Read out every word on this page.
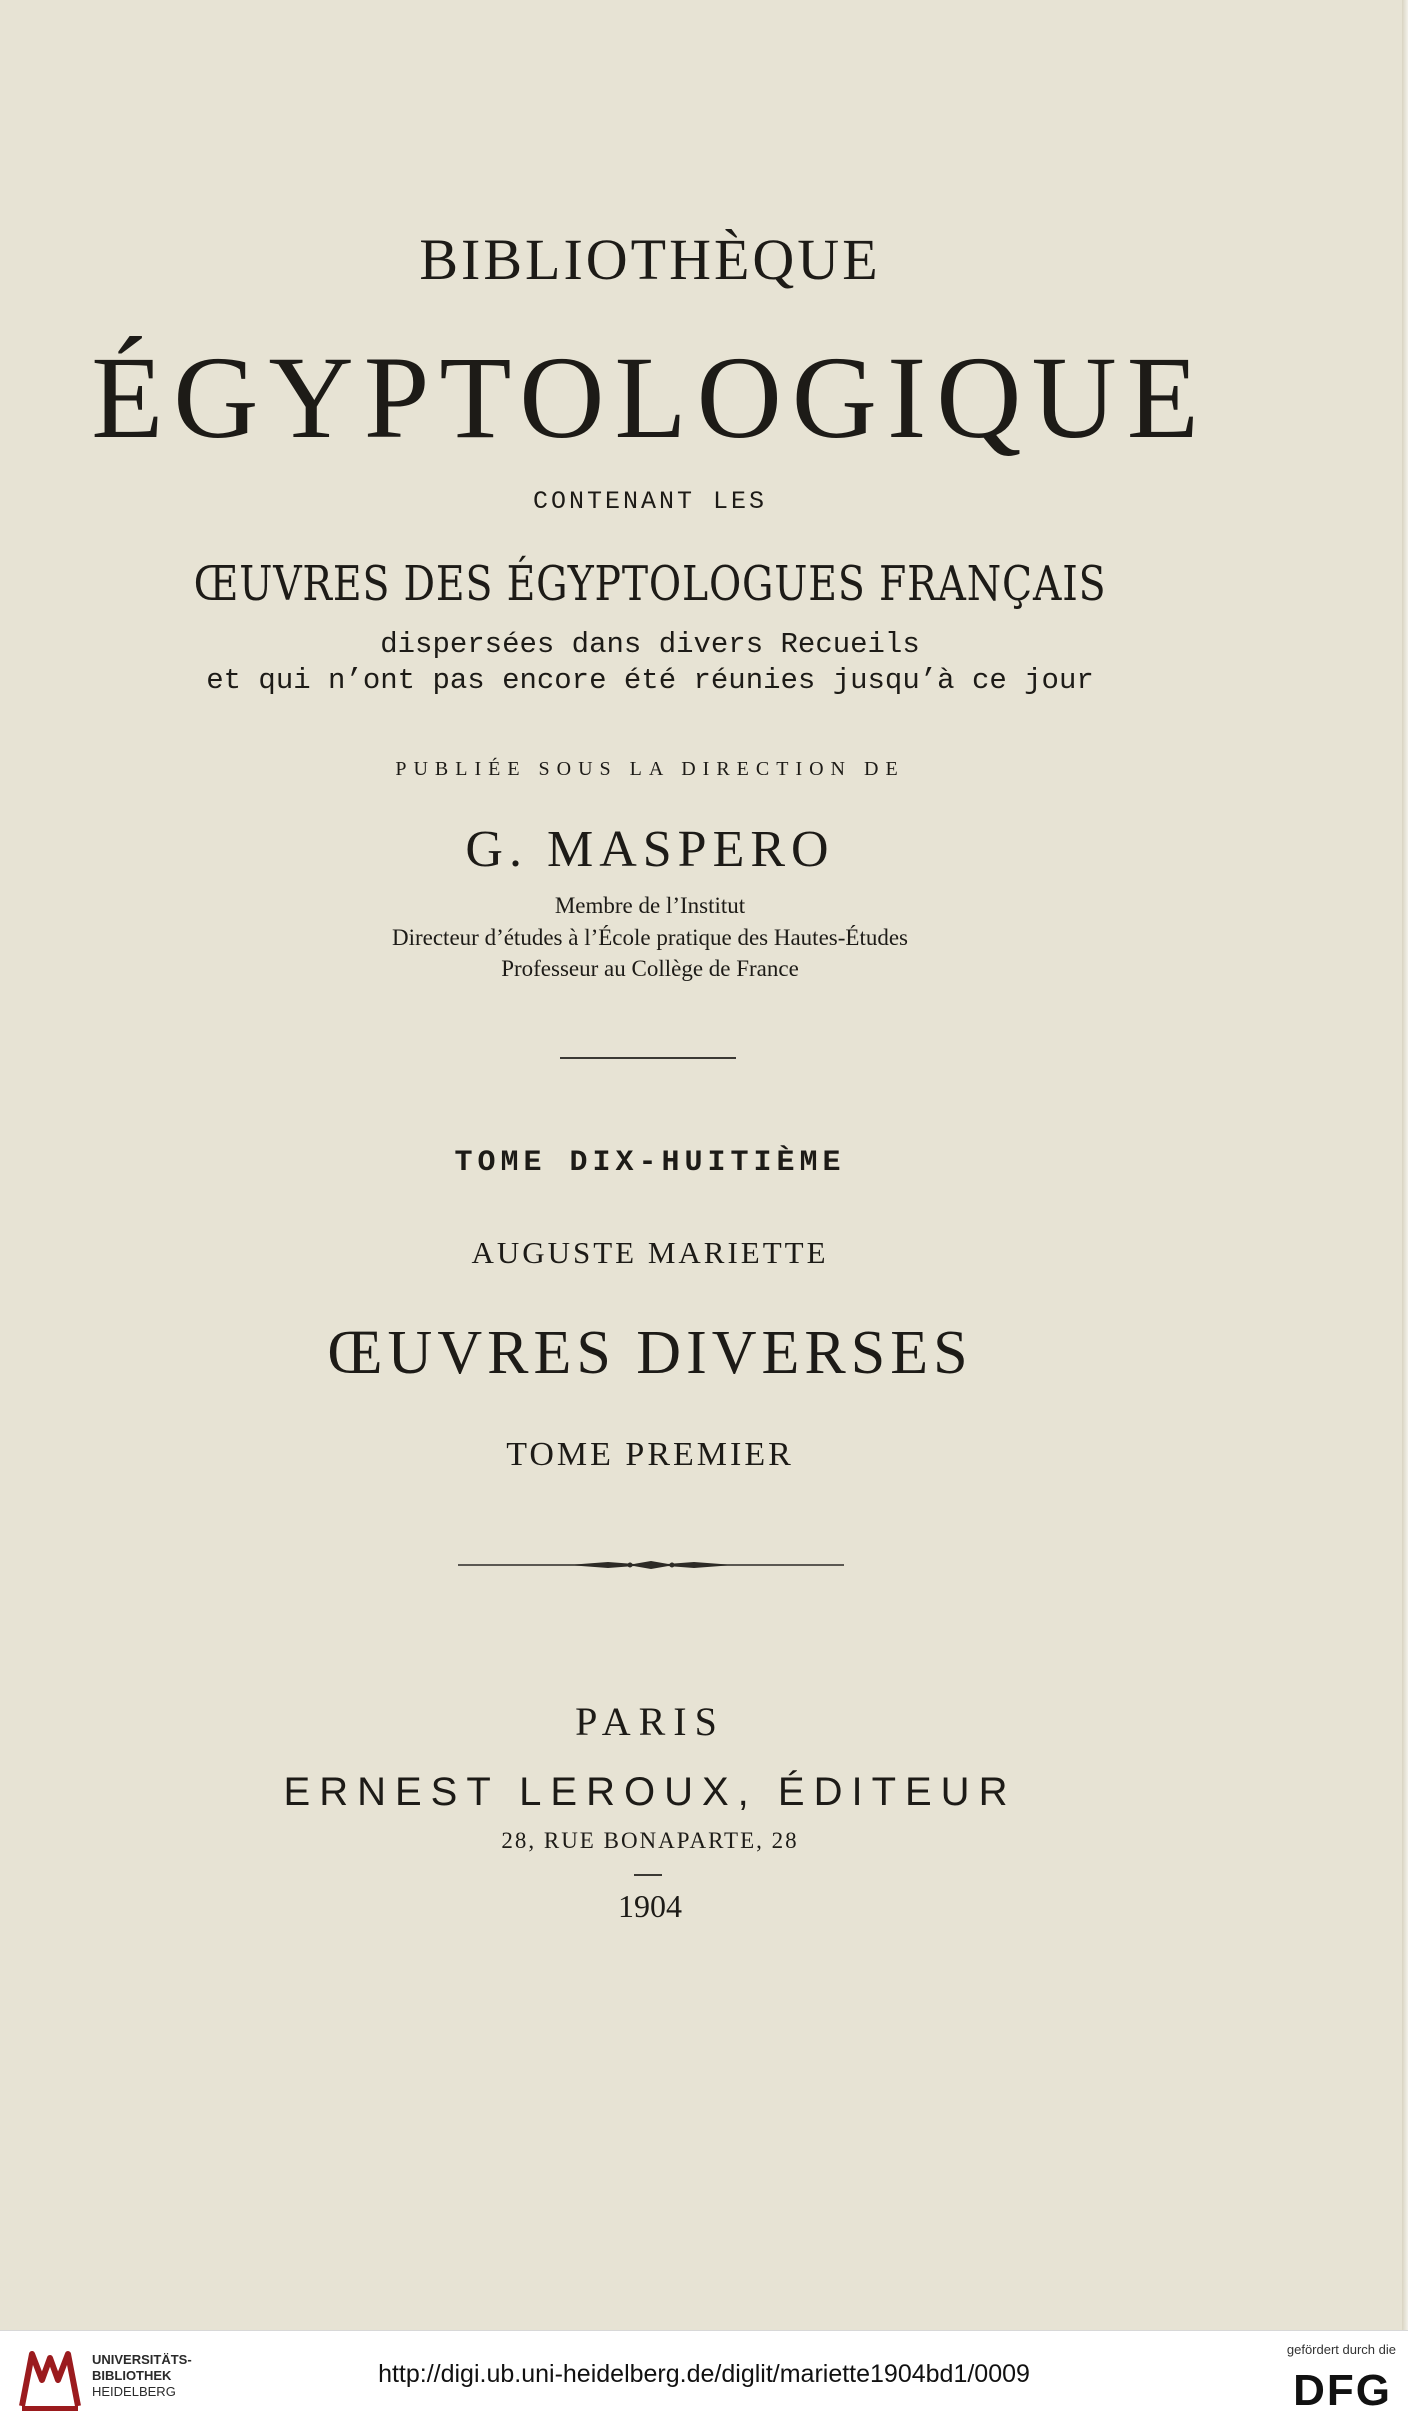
BIBLIOTHÈQUE
ÉGYPTOLOGIQUE
CONTENANT LES
ŒUVRES DES ÉGYPTOLOGUES FRANÇAIS
dispersées dans divers Recueils
et qui n’ont pas encore été réunies jusqu’à ce jour
PUBLIÉE SOUS LA DIRECTION DE
G. MASPERO
Membre de l’Institut
Directeur d’études à l’École pratique des Hautes-Études
Professeur au Collège de France
TOME DIX-HUITIÈME
AUGUSTE MARIETTE
ŒUVRES DIVERSES
TOME PREMIER
PARIS
ERNEST LEROUX, ÉDITEUR
28, RUE BONAPARTE, 28
1904
UNIVERSITÄTS-
BIBLIOTHEK
HEIDELBERG
http://digi.ub.uni-heidelberg.de/diglit/mariette1904bd1/0009
gefördert durch die
DFG
